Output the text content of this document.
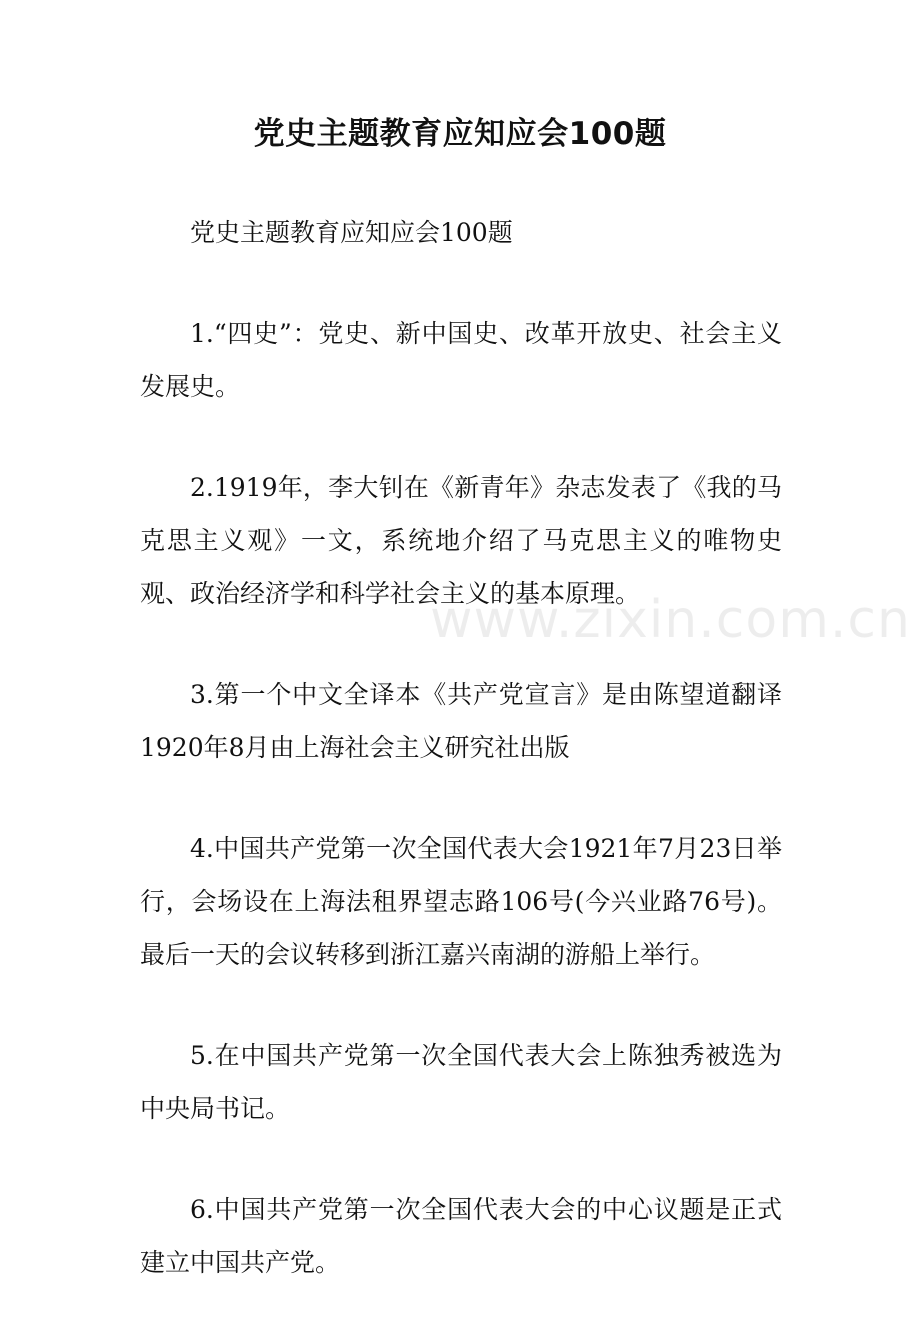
www.zixin.com.cn
党史主题教育应知应会100题

党史主题教育应知应会100题

1.“四史”：党史、新中国史、改革开放史、社会主义发展史。

2.1919年，李大钊在《新青年》杂志发表了《我的马克思主义观》一文，系统地介绍了马克思主义的唯物史观、政治经济学和科学社会主义的基本原理。

3.第一个中文全译本《共产党宣言》是由陈望道翻译1920年8月由上海社会主义研究社出版

4.中国共产党第一次全国代表大会1921年7月23日举行，会场设在上海法租界望志路106号(今兴业路76号)。最后一天的会议转移到浙江嘉兴南湖的游船上举行。

5.在中国共产党第一次全国代表大会上陈独秀被选为中央局书记。

6.中国共产党第一次全国代表大会的中心议题是正式建立中国共产党。
